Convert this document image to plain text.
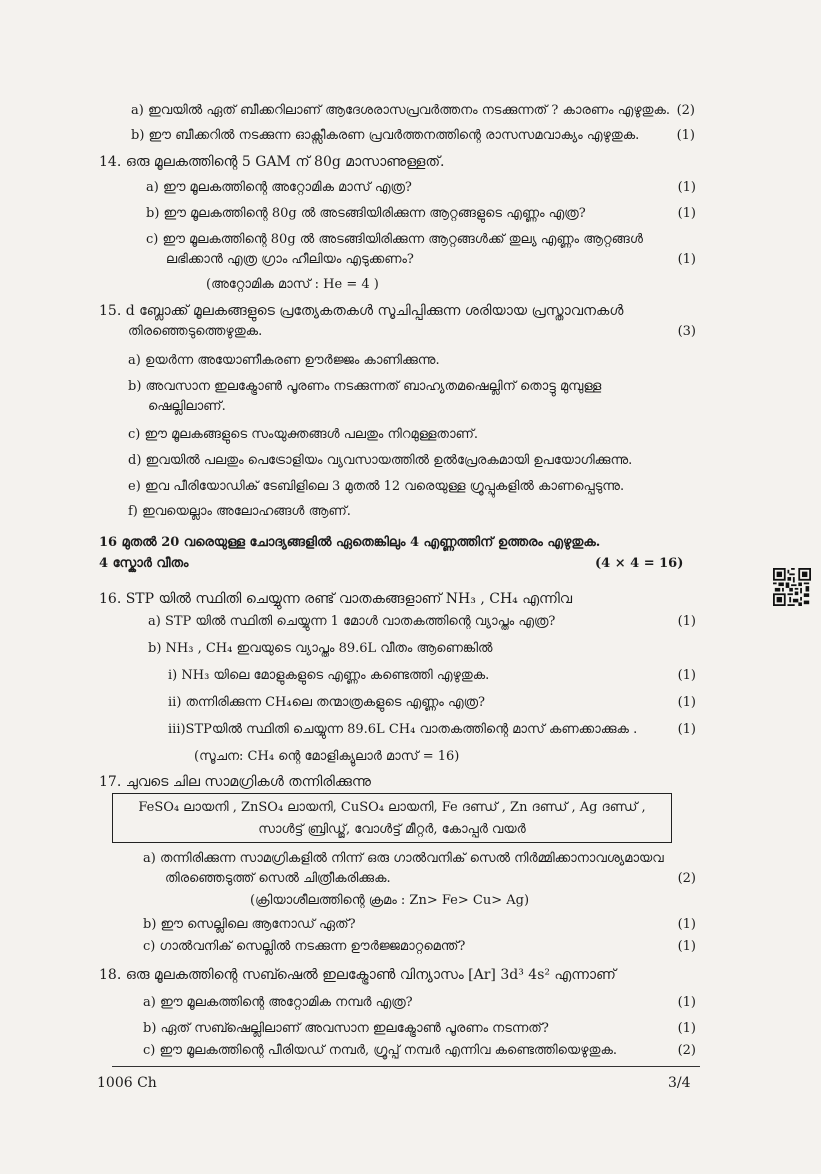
a) ഇവയിൽ ഏത് ബീക്കറിലാണ് ആദേശരാസപ്രവർത്തനം നടക്കുന്നത് ? കാരണം എഴുതുക. (2)
b) ഈ ബീക്കറിൽ നടക്കുന്ന ഓക്സീകരണ പ്രവർത്തനത്തിന്റെ രാസസമവാക്യം എഴുതുക.	(1)
14. ഒരു മൂലകത്തിന്റെ 5 GAM ന് 80g മാസാണുള്ളത്.
a) ഈ മൂലകത്തിന്റെ അറ്റോമിക മാസ് എത്ര?	(1)
b) ഈ മൂലകത്തിന്റെ 80g ൽ അടങ്ങിയിരിക്കുന്ന ആറ്റങ്ങളുടെ എണ്ണം എത്ര?	(1)
c) ഈ മൂലകത്തിന്റെ 80g ൽ അടങ്ങിയിരിക്കുന്ന ആറ്റങ്ങൾക്ക് തുല്യ എണ്ണം ആറ്റങ്ങൾ
ലഭിക്കാൻ എത്ര ഗ്രാം ഹീലിയം എടുക്കണം?	(1)
(അറ്റോമിക മാസ് : He = 4 )
15. d ബ്ലോക്ക് മൂലകങ്ങളുടെ പ്രത്യേകതകൾ സൂചിപ്പിക്കുന്ന ശരിയായ പ്രസ്താവനകൾ
തിരഞ്ഞെടുത്തെഴുതുക.	(3)
a) ഉയർന്ന അയോണീകരണ ഊർജ്ജം കാണിക്കുന്നു.
b) അവസാന ഇലക്ട്രോൺ പൂരണം നടക്കുന്നത് ബാഹ്യതമഷെല്ലിന് തൊട്ടു മുമ്പുള്ള
ഷെല്ലിലാണ്.
c) ഈ മൂലകങ്ങളുടെ സംയുക്തങ്ങൾ പലതും നിറമുള്ളതാണ്.
d) ഇവയിൽ പലതും പെട്രോളിയം വ്യവസായത്തിൽ ഉൽപ്രേരകമായി ഉപയോഗിക്കുന്നു.
e) ഇവ പീരിയോഡിക് ടേബിളിലെ 3 മുതൽ 12 വരെയുള്ള ഗ്രൂപ്പുകളിൽ കാണപ്പെടുന്നു.
f) ഇവയെല്ലാം അലോഹങ്ങൾ ആണ്.
16 മുതൽ 20 വരെയുള്ള ചോദ്യങ്ങളിൽ ഏതെങ്കിലും 4 എണ്ണത്തിന് ഉത്തരം എഴുതുക.
4 സ്കോർ വീതം	(4 × 4 = 16)
16. STP യിൽ സ്ഥിതി ചെയ്യുന്ന രണ്ട് വാതകങ്ങളാണ് NH₃ , CH₄ എന്നിവ
a) STP യിൽ സ്ഥിതി ചെയ്യുന്ന 1 മോൾ വാതകത്തിന്റെ വ്യാപ്തം എത്ര?	(1)
b) NH₃ , CH₄ ഇവയുടെ വ്യാപ്തം 89.6L വീതം ആണെങ്കിൽ
i) NH₃ യിലെ മോളുകളുടെ എണ്ണം കണ്ടെത്തി എഴുതുക.	(1)
ii) തന്നിരിക്കുന്ന CH₄ലെ തന്മാത്രകളുടെ എണ്ണം എത്ര?	(1)
iii)STPയിൽ സ്ഥിതി ചെയ്യുന്ന 89.6L CH₄ വാതകത്തിന്റെ മാസ് കണക്കാക്കുക .	(1)
(സൂചന: CH₄ ന്റെ മോളിക്യുലാർ മാസ് = 16)
17. ചുവടെ ചില സാമഗ്രികൾ തന്നിരിക്കുന്നു
FeSO₄ ലായനി , ZnSO₄ ലായനി, CuSO₄ ലായനി, Fe ദണ്ഡ് , Zn ദണ്ഡ് , Ag ദണ്ഡ് ,
സാൾട്ട് ബ്രിഡ്ജ്, വോൾട്ട് മീറ്റർ, കോപ്പർ വയർ
a) തന്നിരിക്കുന്ന സാമഗ്രികളിൽ നിന്ന് ഒരു ഗാൽവനിക് സെൽ നിർമ്മിക്കാനാവശ്യമായവ
തിരഞ്ഞെടുത്ത് സെൽ ചിത്രീകരിക്കുക.	(2)
(ക്രിയാശീലത്തിന്റെ ക്രമം : Zn> Fe> Cu> Ag)
b) ഈ സെല്ലിലെ ആനോഡ് ഏത്?	(1)
c) ഗാൽവനിക് സെല്ലിൽ നടക്കുന്ന ഊർജ്ജമാറ്റമെന്ത്?	(1)
18. ഒരു മൂലകത്തിന്റെ സബ്ഷെൽ ഇലക്ട്രോൺ വിന്യാസം [Ar] 3d³ 4s² എന്നാണ്
a) ഈ മൂലകത്തിന്റെ അറ്റോമിക നമ്പർ എത്ര?	(1)
b) ഏത് സബ്ഷെല്ലിലാണ് അവസാന ഇലക്ട്രോൺ പൂരണം നടന്നത്?	(1)
c) ഈ മൂലകത്തിന്റെ പീരിയഡ് നമ്പർ, ഗ്രൂപ്പ് നമ്പർ എന്നിവ കണ്ടെത്തിയെഴുതുക.	(2)
1006 Ch	3/4
